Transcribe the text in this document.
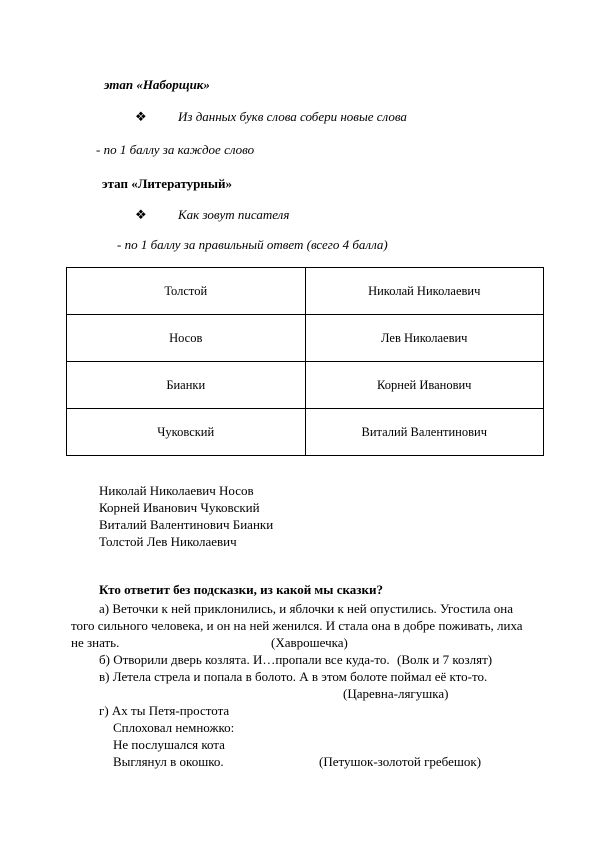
этап «Наборщик»
❖ Из данных букв слова собери новые слова
- по 1 баллу за каждое слово
этап «Литературный»
❖ Как зовут писателя
- по 1 баллу за правильный ответ (всего 4 балла)
Толстой	Николай Николаевич
Носов	Лев Николаевич
Бианки	Корней Иванович
Чуковский	Виталий Валентинович
Николай Николаевич Носов
Корней Иванович Чуковский
Виталий Валентинович Бианки
Толстой Лев Николаевич
Кто ответит без подсказки, из какой мы сказки?
а) Веточки к ней приклонились, и яблочки к ней опустились. Угостила она
того сильного человека, и он на ней женился. И стала она в добре поживать, лиха
не знать.	(Хаврошечка)
б) Отворили дверь козлята. И…пропали все куда-то. (Волк и 7 козлят)
в) Летела стрела и попала в болото. А в этом болоте поймал её кто-то.
(Царевна-лягушка)
г) Ах ты Петя-простота
Сплоховал немножко:
Не послушался кота
Выглянул в окошко.	(Петушок-золотой гребешок)
